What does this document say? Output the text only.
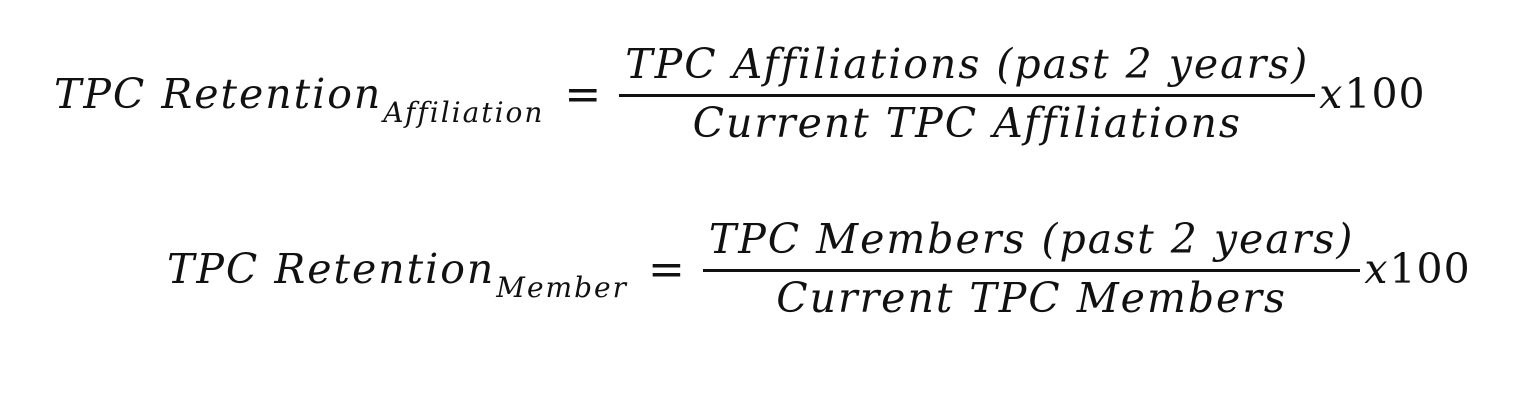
TPC Retention Affiliation = $\frac{\text{TPC Affiliations (past 2 years)}}{\text{Current TPC Affiliations}} x100$
TPC Retention Member = $\frac{\text{TPC Members (past 2 years)}}{\text{Current TPC Members}} x100$
